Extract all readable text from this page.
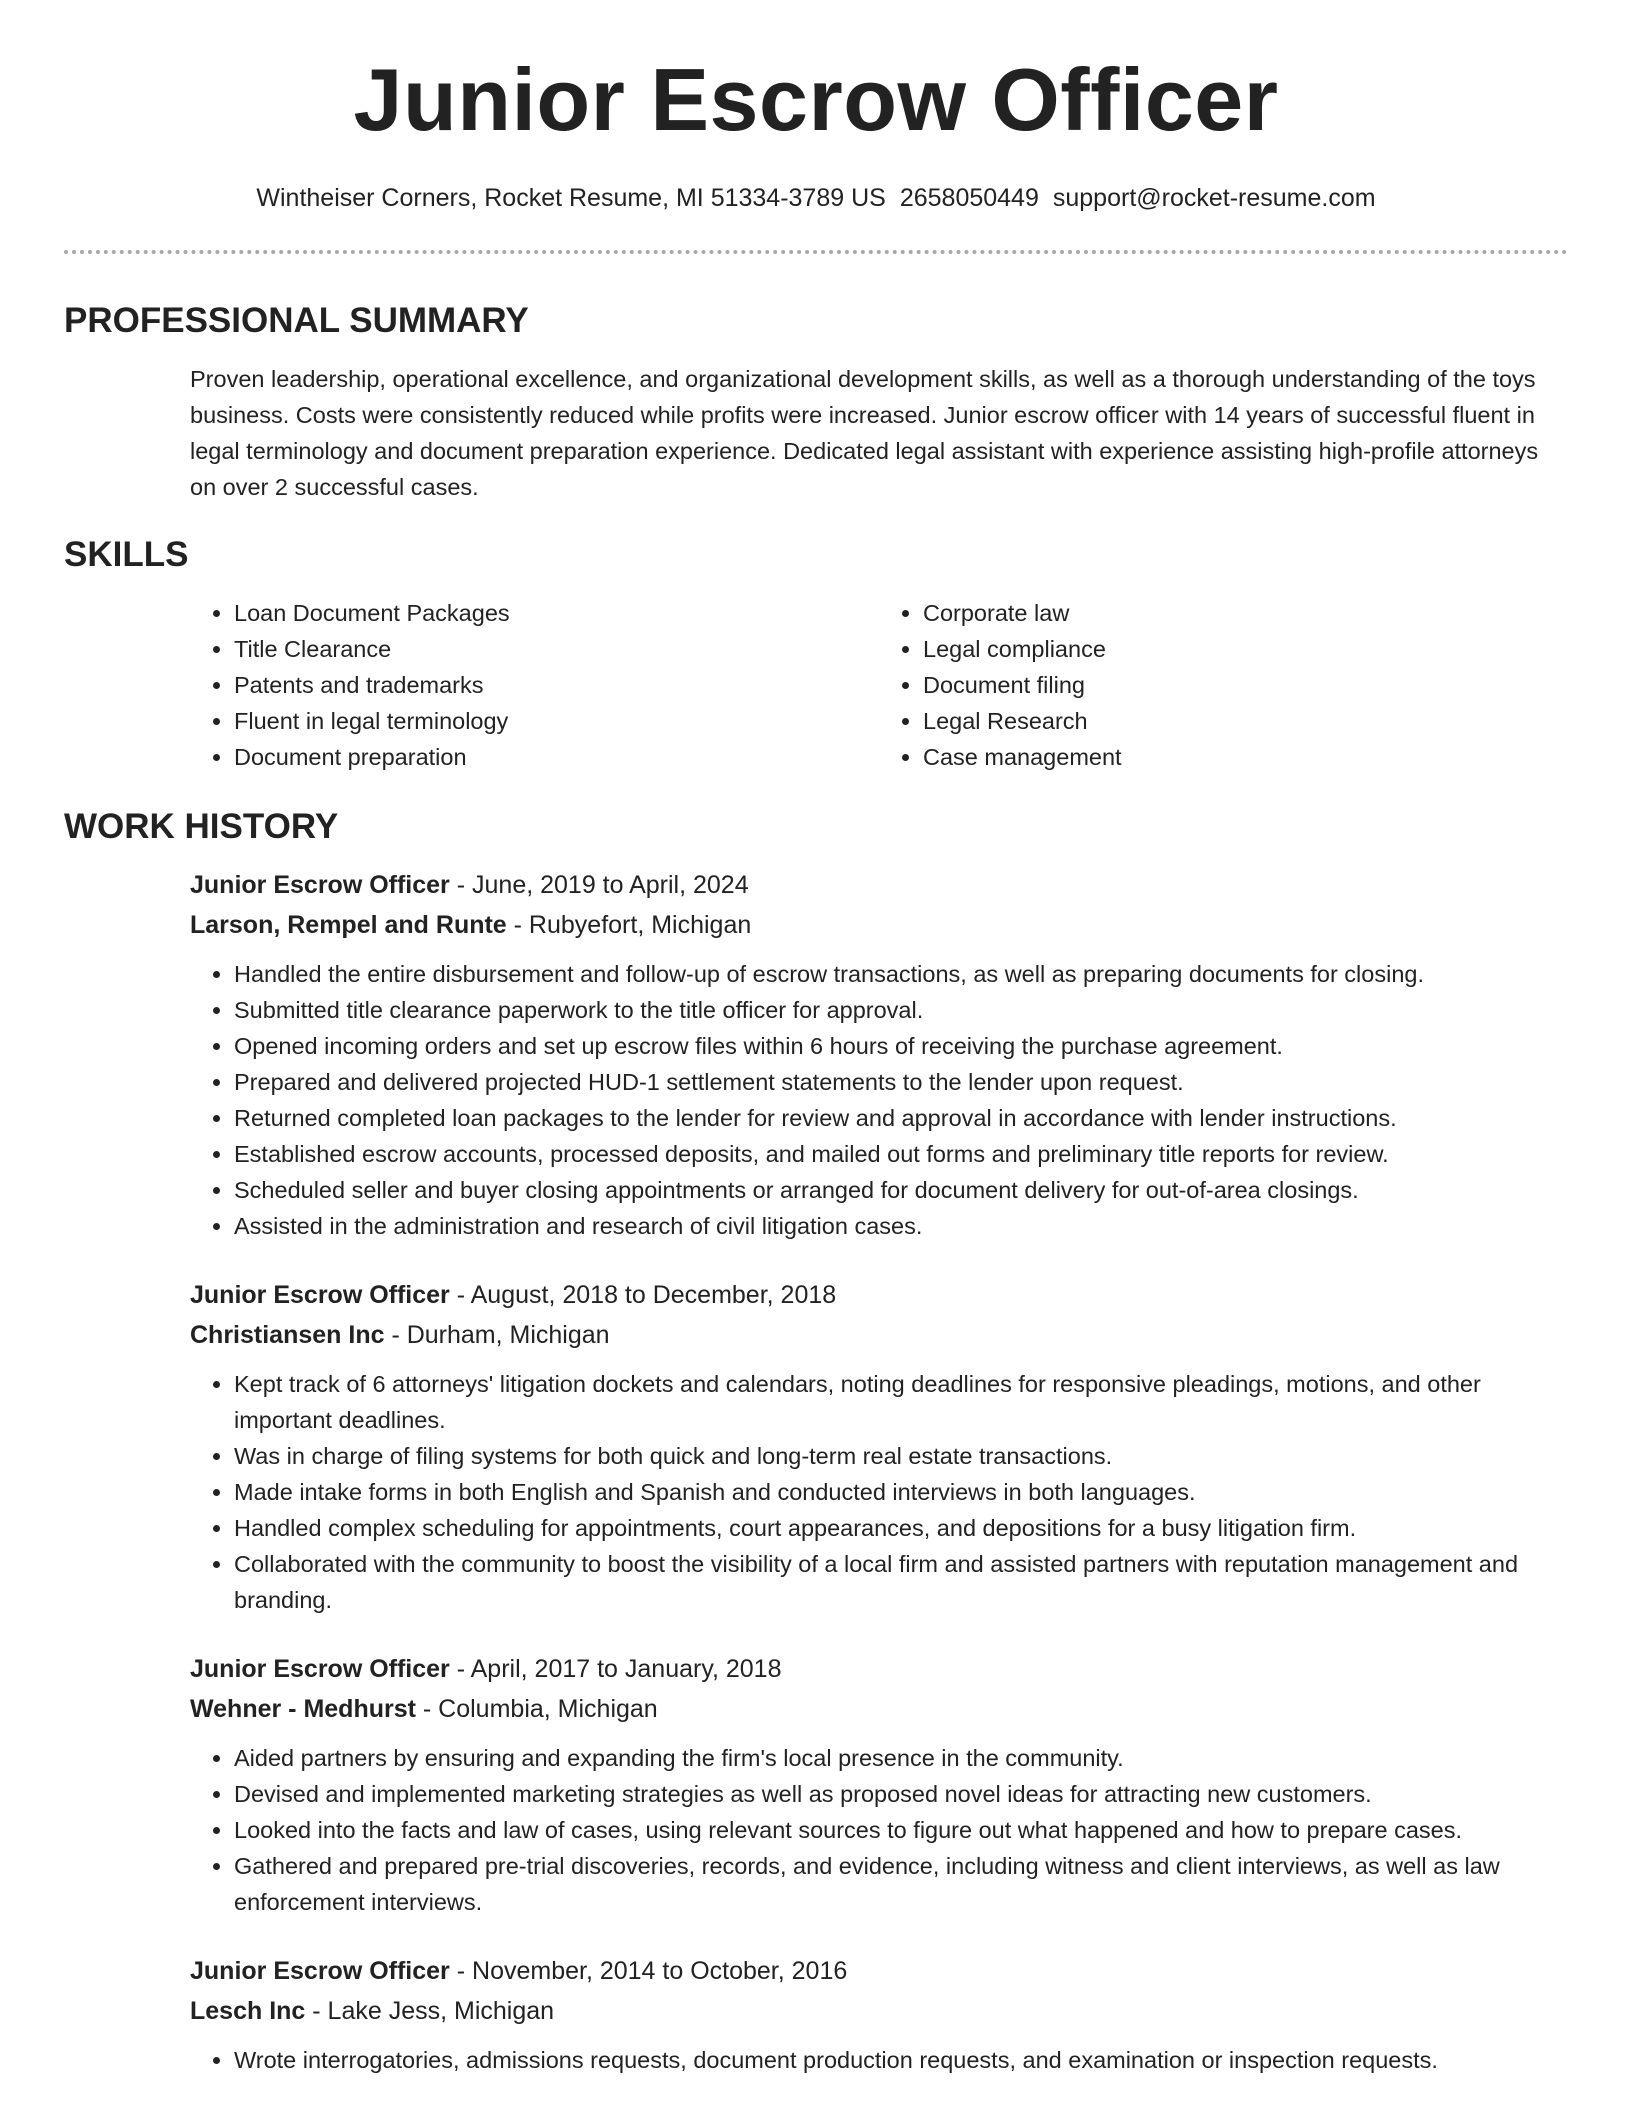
Junior Escrow Officer
Wintheiser Corners, Rocket Resume, MI 51334-3789 US 2658050449 support@rocket-resume.com
PROFESSIONAL SUMMARY
Proven leadership, operational excellence, and organizational development skills, as well as a thorough understanding of the toys business. Costs were consistently reduced while profits were increased. Junior escrow officer with 14 years of successful fluent in legal terminology and document preparation experience. Dedicated legal assistant with experience assisting high-profile attorneys on over 2 successful cases.
SKILLS
• Loan Document Packages
• Title Clearance
• Patents and trademarks
• Fluent in legal terminology
• Document preparation
• Corporate law
• Legal compliance
• Document filing
• Legal Research
• Case management
WORK HISTORY
Junior Escrow Officer - June, 2019 to April, 2024
Larson, Rempel and Runte - Rubyefort, Michigan
• Handled the entire disbursement and follow-up of escrow transactions, as well as preparing documents for closing.
• Submitted title clearance paperwork to the title officer for approval.
• Opened incoming orders and set up escrow files within 6 hours of receiving the purchase agreement.
• Prepared and delivered projected HUD-1 settlement statements to the lender upon request.
• Returned completed loan packages to the lender for review and approval in accordance with lender instructions.
• Established escrow accounts, processed deposits, and mailed out forms and preliminary title reports for review.
• Scheduled seller and buyer closing appointments or arranged for document delivery for out-of-area closings.
• Assisted in the administration and research of civil litigation cases.
Junior Escrow Officer - August, 2018 to December, 2018
Christiansen Inc - Durham, Michigan
• Kept track of 6 attorneys' litigation dockets and calendars, noting deadlines for responsive pleadings, motions, and other important deadlines.
• Was in charge of filing systems for both quick and long-term real estate transactions.
• Made intake forms in both English and Spanish and conducted interviews in both languages.
• Handled complex scheduling for appointments, court appearances, and depositions for a busy litigation firm.
• Collaborated with the community to boost the visibility of a local firm and assisted partners with reputation management and branding.
Junior Escrow Officer - April, 2017 to January, 2018
Wehner - Medhurst - Columbia, Michigan
• Aided partners by ensuring and expanding the firm's local presence in the community.
• Devised and implemented marketing strategies as well as proposed novel ideas for attracting new customers.
• Looked into the facts and law of cases, using relevant sources to figure out what happened and how to prepare cases.
• Gathered and prepared pre-trial discoveries, records, and evidence, including witness and client interviews, as well as law enforcement interviews.
Junior Escrow Officer - November, 2014 to October, 2016
Lesch Inc - Lake Jess, Michigan
• Wrote interrogatories, admissions requests, document production requests, and examination or inspection requests.
